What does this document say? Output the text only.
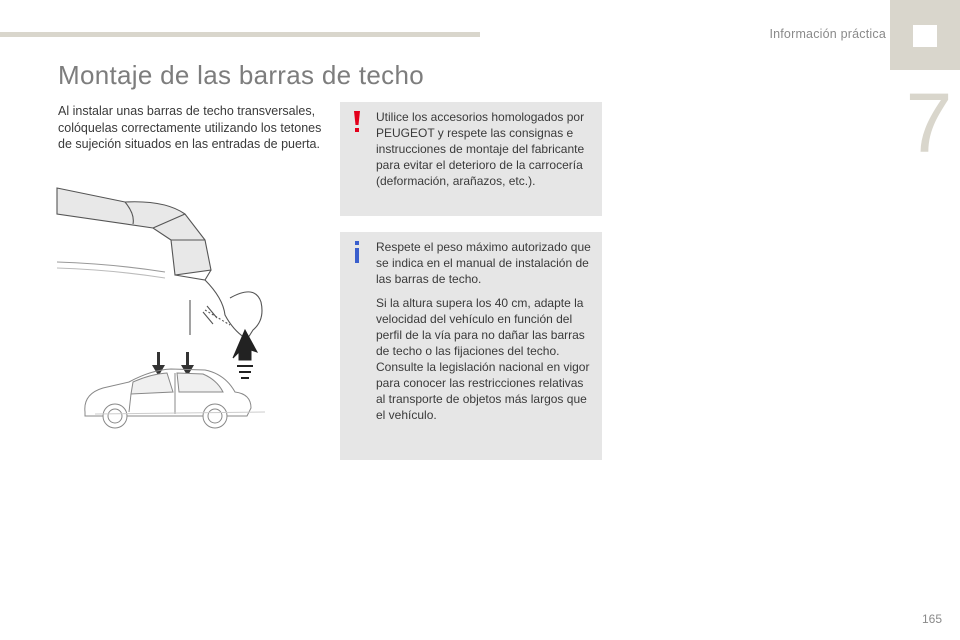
Información práctica
7
Montaje de las barras de techo

Al instalar unas barras de techo transversales, colóquelas correctamente utilizando los tetones de sujeción situados en las entradas de puerta.

Utilice los accesorios homologados por PEUGEOT y respete las consignas e instrucciones de montaje del fabricante para evitar el deterioro de la carrocería (deformación, arañazos, etc.).

Respete el peso máximo autorizado que se indica en el manual de instalación de las barras de techo.

Si la altura supera los 40 cm, adapte la velocidad del vehículo en función del perfil de la vía para no dañar las barras de techo o las fijaciones del techo. Consulte la legislación nacional en vigor para conocer las restricciones relativas al transporte de objetos más largos que el vehículo.

165
